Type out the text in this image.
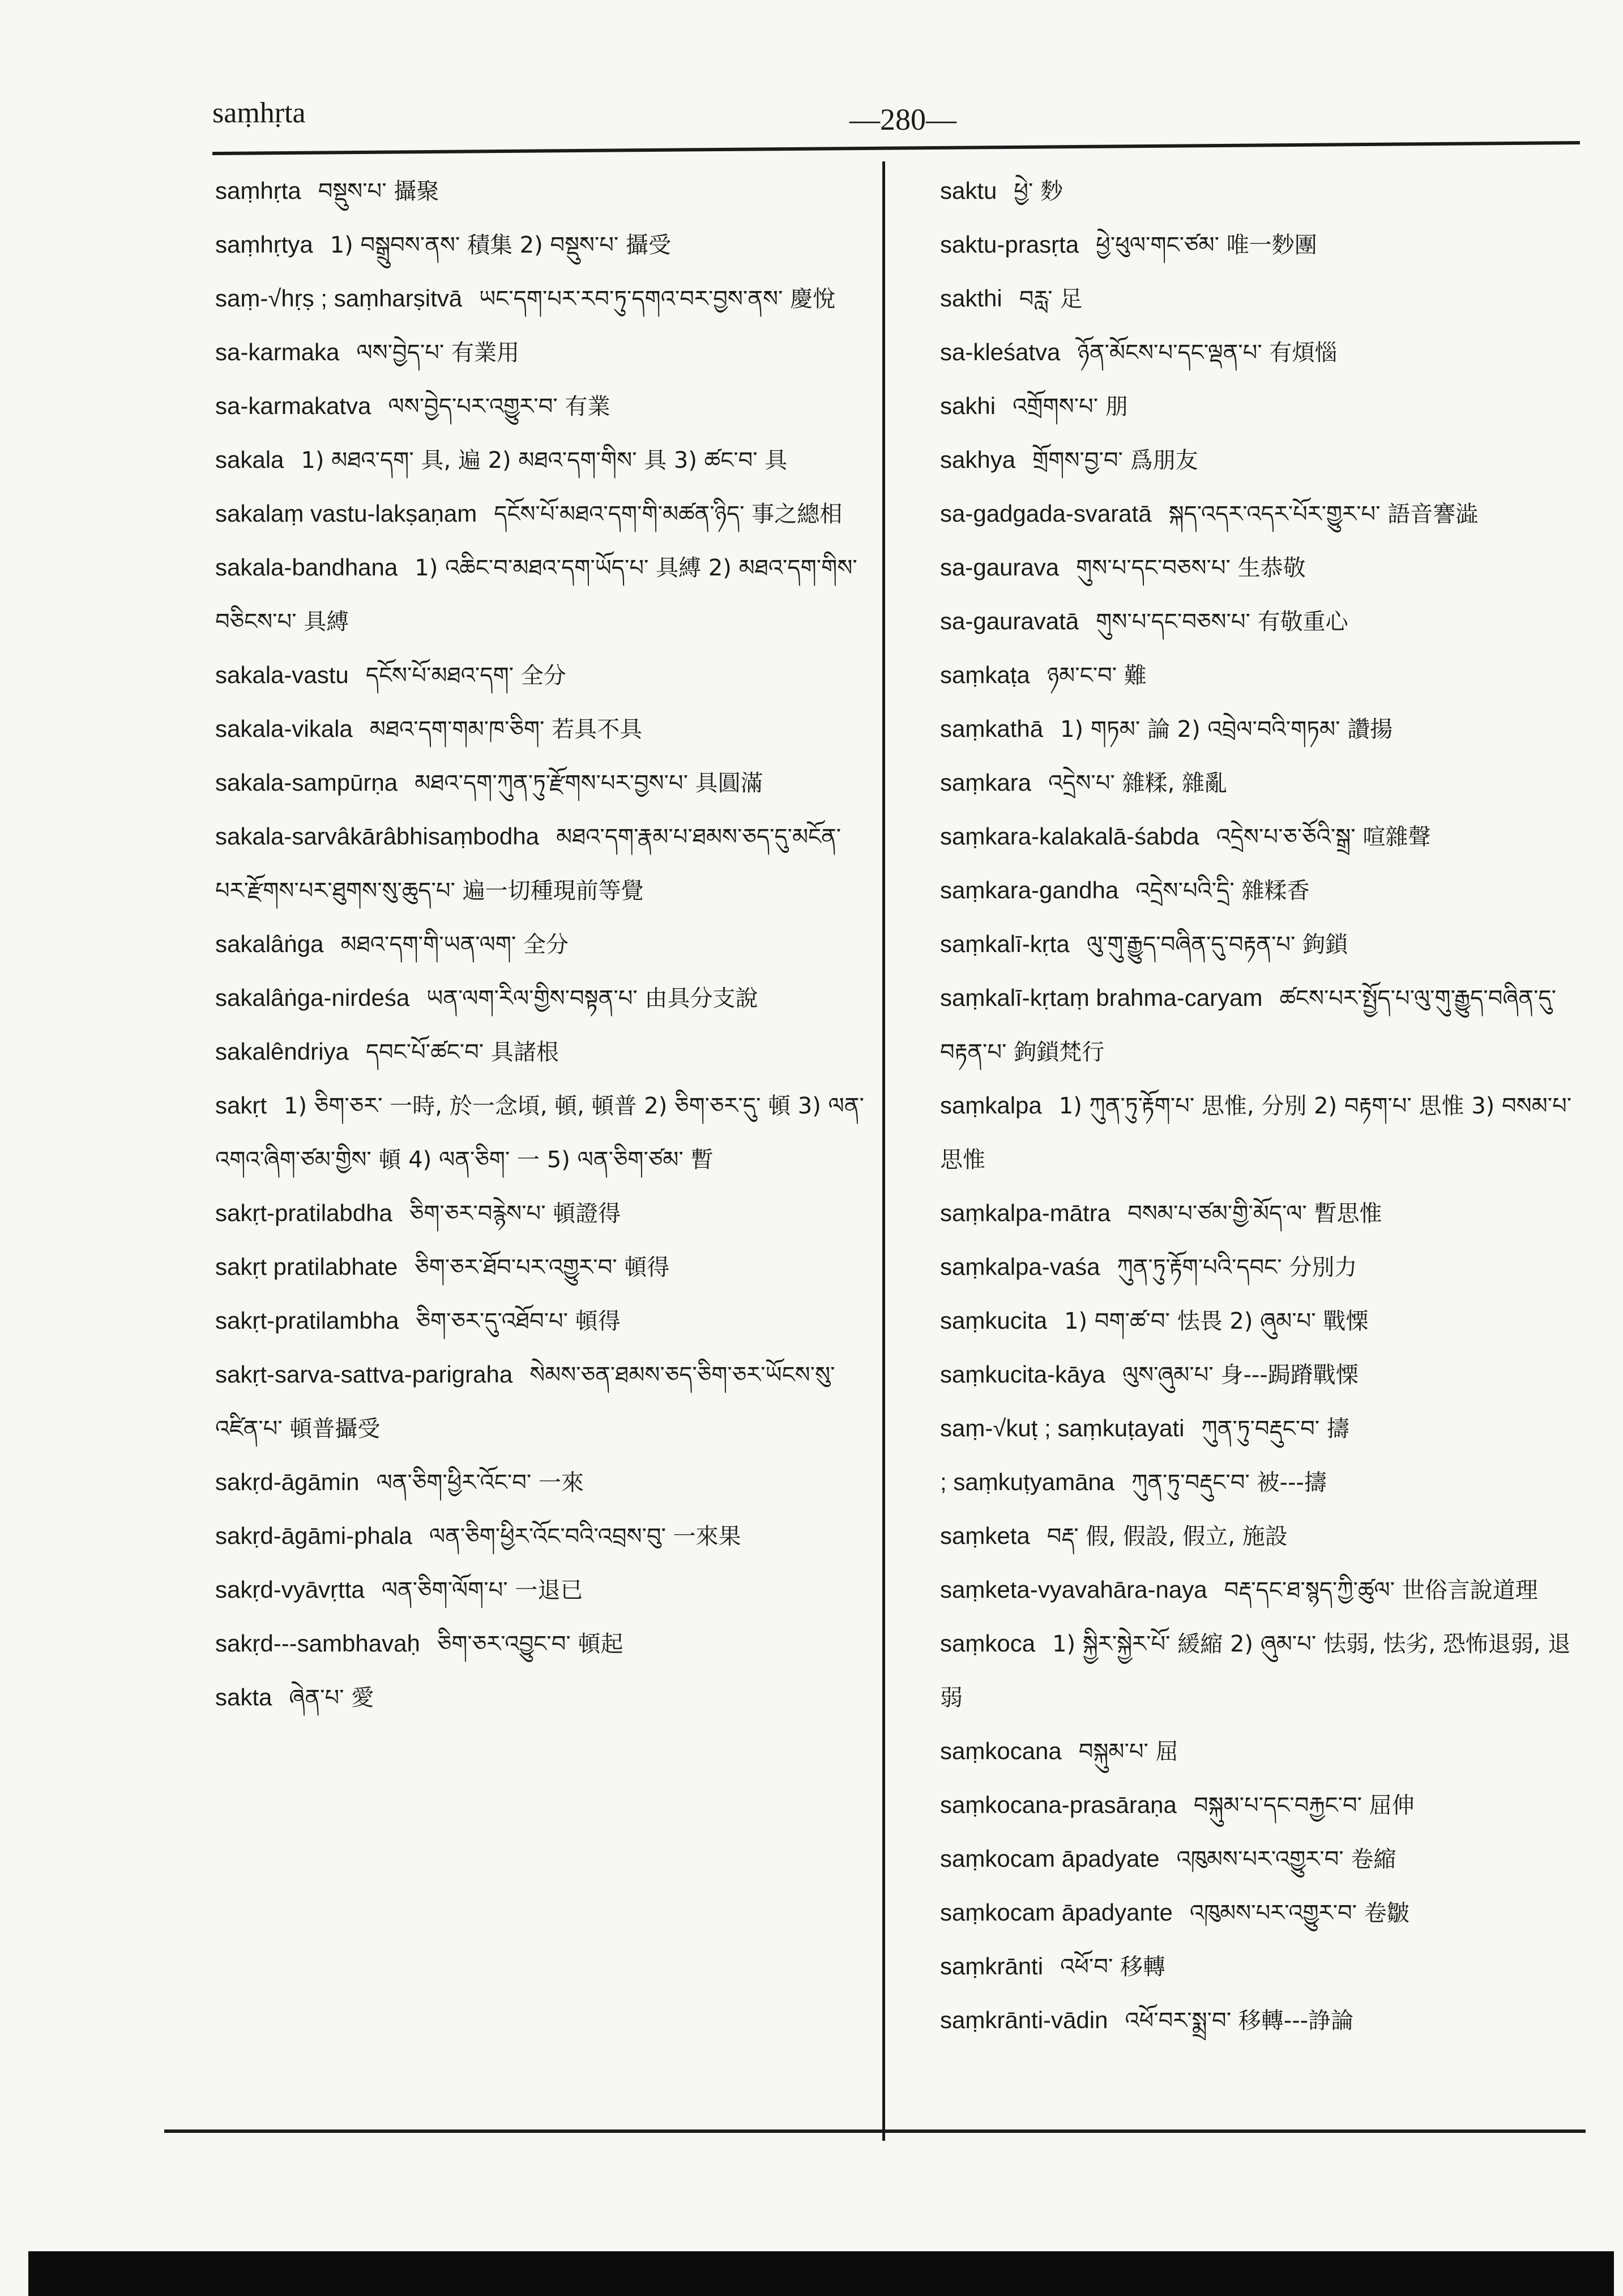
saṃhṛta	—280—
saṃhṛta བསྡུས་པ་ 攝聚
saṃhṛtya 1) བསྒྲུབས་ནས་ 積集 2) བསྡུས་པ་ 攝受
saṃ-√hṛṣ ; saṃharṣitvā ཡང་དག་པར་རབ་ཏུ་དགའ་བར་བྱས་ནས་ 慶悅
sa-karmaka ལས་བྱེད་པ་ 有業用
sa-karmakatva ལས་བྱེད་པར་འགྱུར་བ་ 有業
sakala 1) མཐའ་དག་ 具, 遍 2) མཐའ་དག་གིས་ 具 3) ཚང་བ་ 具
sakalaṃ vastu-lakṣaṇam དངོས་པོ་མཐའ་དག་གི་མཚན་ཉིད་ 事之總相
sakala-bandhana 1) འཆིང་བ་མཐའ་དག་ཡོད་པ་ 具縛 2) མཐའ་དག་གིས་བཅིངས་པ་ 具縛
sakala-vastu དངོས་པོ་མཐའ་དག་ 全分
sakala-vikala མཐའ་དག་གམ་ཁ་ཅིག་ 若具不具
sakala-sampūrṇa མཐའ་དག་ཀུན་ཏུ་རྫོགས་པར་བྱས་པ་ 具圓滿
sakala-sarvâkārâbhisaṃbodha མཐའ་དག་རྣམ་པ་ཐམས་ཅད་དུ་མངོན་པར་རྫོགས་པར་ཐུགས་སུ་ཆུད་པ་ 遍一切種現前等覺
sakalâṅga མཐའ་དག་གི་ཡན་ལག་ 全分
sakalâṅga-nirdeśa ཡན་ལག་རིལ་གྱིས་བསྟན་པ་ 由具分支說
sakalêndriya དབང་པོ་ཚང་བ་ 具諸根
sakṛt 1) ཅིག་ཅར་ 一時, 於一念頃, 頓, 頓普 2) ཅིག་ཅར་དུ་ 頓 3) ལན་འགའ་ཞིག་ཙམ་གྱིས་ 頓 4) ལན་ཅིག་ 一 5) ལན་ཅིག་ཙམ་ 暫
sakṛt-pratilabdha ཅིག་ཅར་བརྙེས་པ་ 頓證得
sakṛt pratilabhate ཅིག་ཅར་ཐོབ་པར་འགྱུར་བ་ 頓得
sakṛt-pratilambha ཅིག་ཅར་དུ་འཐོབ་པ་ 頓得
sakṛt-sarva-sattva-parigraha སེམས་ཅན་ཐམས་ཅད་ཅིག་ཅར་ཡོངས་སུ་འཛིན་པ་ 頓普攝受
sakṛd-āgāmin ལན་ཅིག་ཕྱིར་འོང་བ་ 一來
sakṛd-āgāmi-phala ལན་ཅིག་ཕྱིར་འོང་བའི་འབྲས་བུ་ 一來果
sakṛd-vyāvṛtta ལན་ཅིག་ལོག་པ་ 一退已
sakṛd---sambhavaḥ ཅིག་ཅར་འབྱུང་བ་ 頓起
sakta ཞེན་པ་ 愛
saktu ཕྱེ་ 麨
saktu-prasṛta ཕྱེ་ཕུལ་གང་ཙམ་ 唯一麨團
sakthi བརླ་ 足
sa-kleśatva ཉོན་མོངས་པ་དང་ལྡན་པ་ 有煩惱
sakhi འགྲོགས་པ་ 朋
sakhya གྲོགས་བྱ་བ་ 爲朋友
sa-gadgada-svaratā སྐད་འདར་འདར་པོར་གྱུར་པ་ 語音謇澁
sa-gaurava གུས་པ་དང་བཅས་པ་ 生恭敬
sa-gauravatā གུས་པ་དང་བཅས་པ་ 有敬重心
saṃkaṭa ཉམ་ང་བ་ 難
saṃkathā 1) གཏམ་ 論 2) འབྲེལ་བའི་གཏམ་ 讚揚
saṃkara འདྲེས་པ་ 雜糅, 雜亂
saṃkara-kalakalā-śabda འདྲེས་པ་ཅ་ཅོའི་སྒྲ་ 喧雜聲
saṃkara-gandha འདྲེས་པའི་དྲི་ 雜糅香
saṃkalī-kṛta ལུ་གུ་རྒྱུད་བཞིན་དུ་བརྟན་པ་ 鉤鎖
saṃkalī-kṛtaṃ brahma-caryam ཚངས་པར་སྤྱོད་པ་ལུ་གུ་རྒྱུད་བཞིན་དུ་བརྟན་པ་ 鉤鎖梵行
saṃkalpa 1) ཀུན་ཏུ་རྟོག་པ་ 思惟, 分別 2) བརྟག་པ་ 思惟 3) བསམ་པ་ 思惟
saṃkalpa-mātra བསམ་པ་ཙམ་གྱི་མོད་ལ་ 暫思惟
saṃkalpa-vaśa ཀུན་ཏུ་རྟོག་པའི་དབང་ 分別力
saṃkucita 1) བག་ཚ་བ་ 怯畏 2) ཞུམ་པ་ 戰慄
saṃkucita-kāya ལུས་ཞུམ་པ་ 身---跼蹐戰慄
saṃ-√kuṭ ; saṃkuṭayati ཀུན་ཏུ་བརྡུང་བ་ 擣
; saṃkuṭyamāna ཀུན་ཏུ་བརྡུང་བ་ 被---擣
saṃketa བརྡ་ 假, 假設, 假立, 施設
saṃketa-vyavahāra-naya བརྡ་དང་ཐ་སྙད་ཀྱི་ཚུལ་ 世俗言說道理
saṃkoca 1) སྐྱིར་སྐྱེར་པོ་ 緩縮 2) ཞུམ་པ་ 怯弱, 怯劣, 恐怖退弱, 退弱
saṃkocana བསྐུམ་པ་ 屈
saṃkocana-prasāraṇa བསྐུམ་པ་དང་བརྐྱང་བ་ 屈伸
saṃkocam āpadyate འཁུམས་པར་འགྱུར་བ་ 卷縮
saṃkocam āpadyante འཁུམས་པར་འགྱུར་བ་ 卷皺
saṃkrānti འཕོ་བ་ 移轉
saṃkrānti-vādin འཕོ་བར་སྨྲ་བ་ 移轉---諍論
